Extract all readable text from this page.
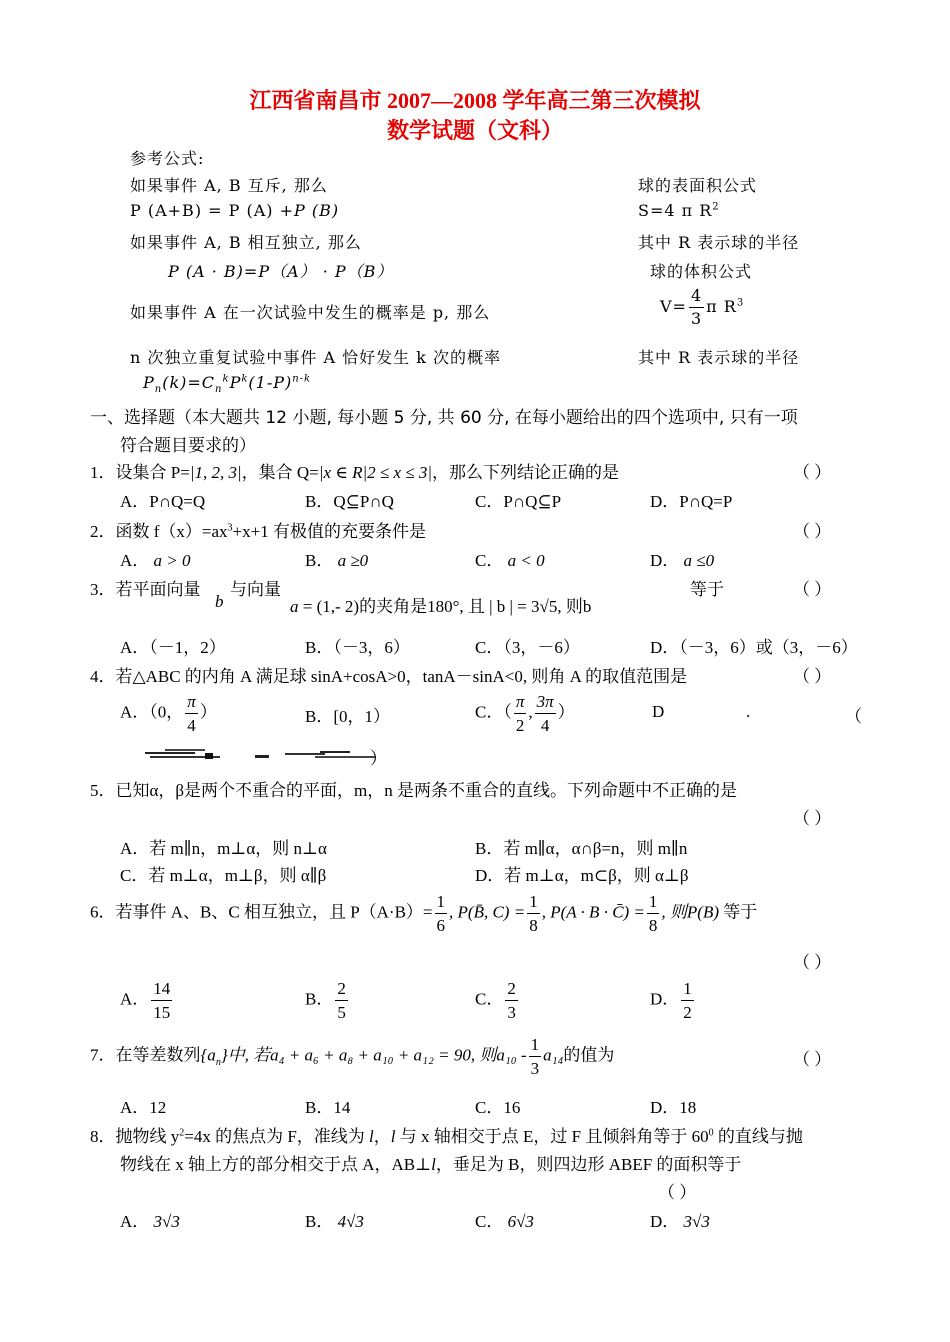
江西省南昌市 2007—2008 学年高三第三次模拟
数学试题（文科）
参考公式:
如果事件 A, B 互斥, 那么
P (A+B) = P (A) +P (B)
如果事件 A, B 相互独立, 那么
P (A · B)=P（A） · P（B）
如果事件 A 在一次试验中发生的概率是 p, 那么
n 次独立重复试验中事件 A 恰好发生 k 次的概率
$P_n(k)=C_n^kP^k(1-P)^{n-k}$
球的表面积公式
S=4 π $R^2$
其中 R 表示球的半径
球的体积公式
$V= \frac{4}{3}$ π $R^3$
其中 R 表示球的半径
一、选择题（本大题共 12 小题, 每小题 5 分, 共 60 分, 在每小题给出的四个选项中, 只有一项
符合题目要求的）
1．设集合 P=|1, 2, 3|，集合 Q=|x ∈ R|2 ≤ x ≤ 3|，那么下列结论正确的是	（ ）
A．P∩Q=Q	B．Q⊆P∩Q	C．P∩Q⊆P	D．P∩Q=P
2．函数 $f(x)=ax^3+x+1$ 有极值的充要条件是	（ ）
A． a > 0	B． a ≥0	C． a < 0	D． a ≤0
3．若平面向量
b
与向量
a = (1,- 2)的夹角是180°, 且 | b | = 3√5, 则b
等于	（ ）
A．（－1，2）	B．（－3，6）	C．（3，－6）	D．（－3，6）或（3，－6）
4．若△ABC 的内角 A 满足球 sinA+cosA>0，tanA－sinA<0, 则角 A 的取值范围是	（ ）
A．（0， $\frac{\pi}{4}$ ）	B．[0，1）	C．（ $\frac{\pi}{2}$ , $\frac{3\pi}{4}$ ）	D	.	（
）
5．已知α，β是两个不重合的平面，m，n 是两条不重合的直线。下列命题中不正确的是
（ ）
A．若 m∥n，m⊥α，则 n⊥α	B．若 m∥α，α∩β=n，则 m∥n
C．若 m⊥α，m⊥β，则 α∥β	D．若 m⊥α，m⊂β，则 α⊥β
6．若事件 A、B、C 相互独立，且 $P(A\cdot B)= \frac{1}{6}$ , P(B̄, $C) = \frac{1}{8}$ , P(A · B · C̄) = $\frac{1}{8}$ , 则P(B) 等于
（ ）
A． $\frac{14}{15}$	B． $\frac{2}{5}$	C． $\frac{2}{3}$	D． $\frac{1}{2}$
7．在等差数列$\{a_n\}$中, 若a₄ + a₆ + a₈ + a₁₀ + a₁₂ = 90, 则$a_{10} - \frac{1}{3} a_{14}$的值为	（ ）
A．12	B．14	C．16	D．18
8．抛物线 $y^2=4x$ 的焦点为 F，准线为 l，l 与 x 轴相交于点 E，过 F 且倾斜角等于 $60^0$ 的直线与抛
物线在 x 轴上方的部分相交于点 A，AB⊥l，垂足为 B，则四边形 ABEF 的面积等于
（ ）
A． 3√3	B． 4√3	C． 6√3	D． 3√3
